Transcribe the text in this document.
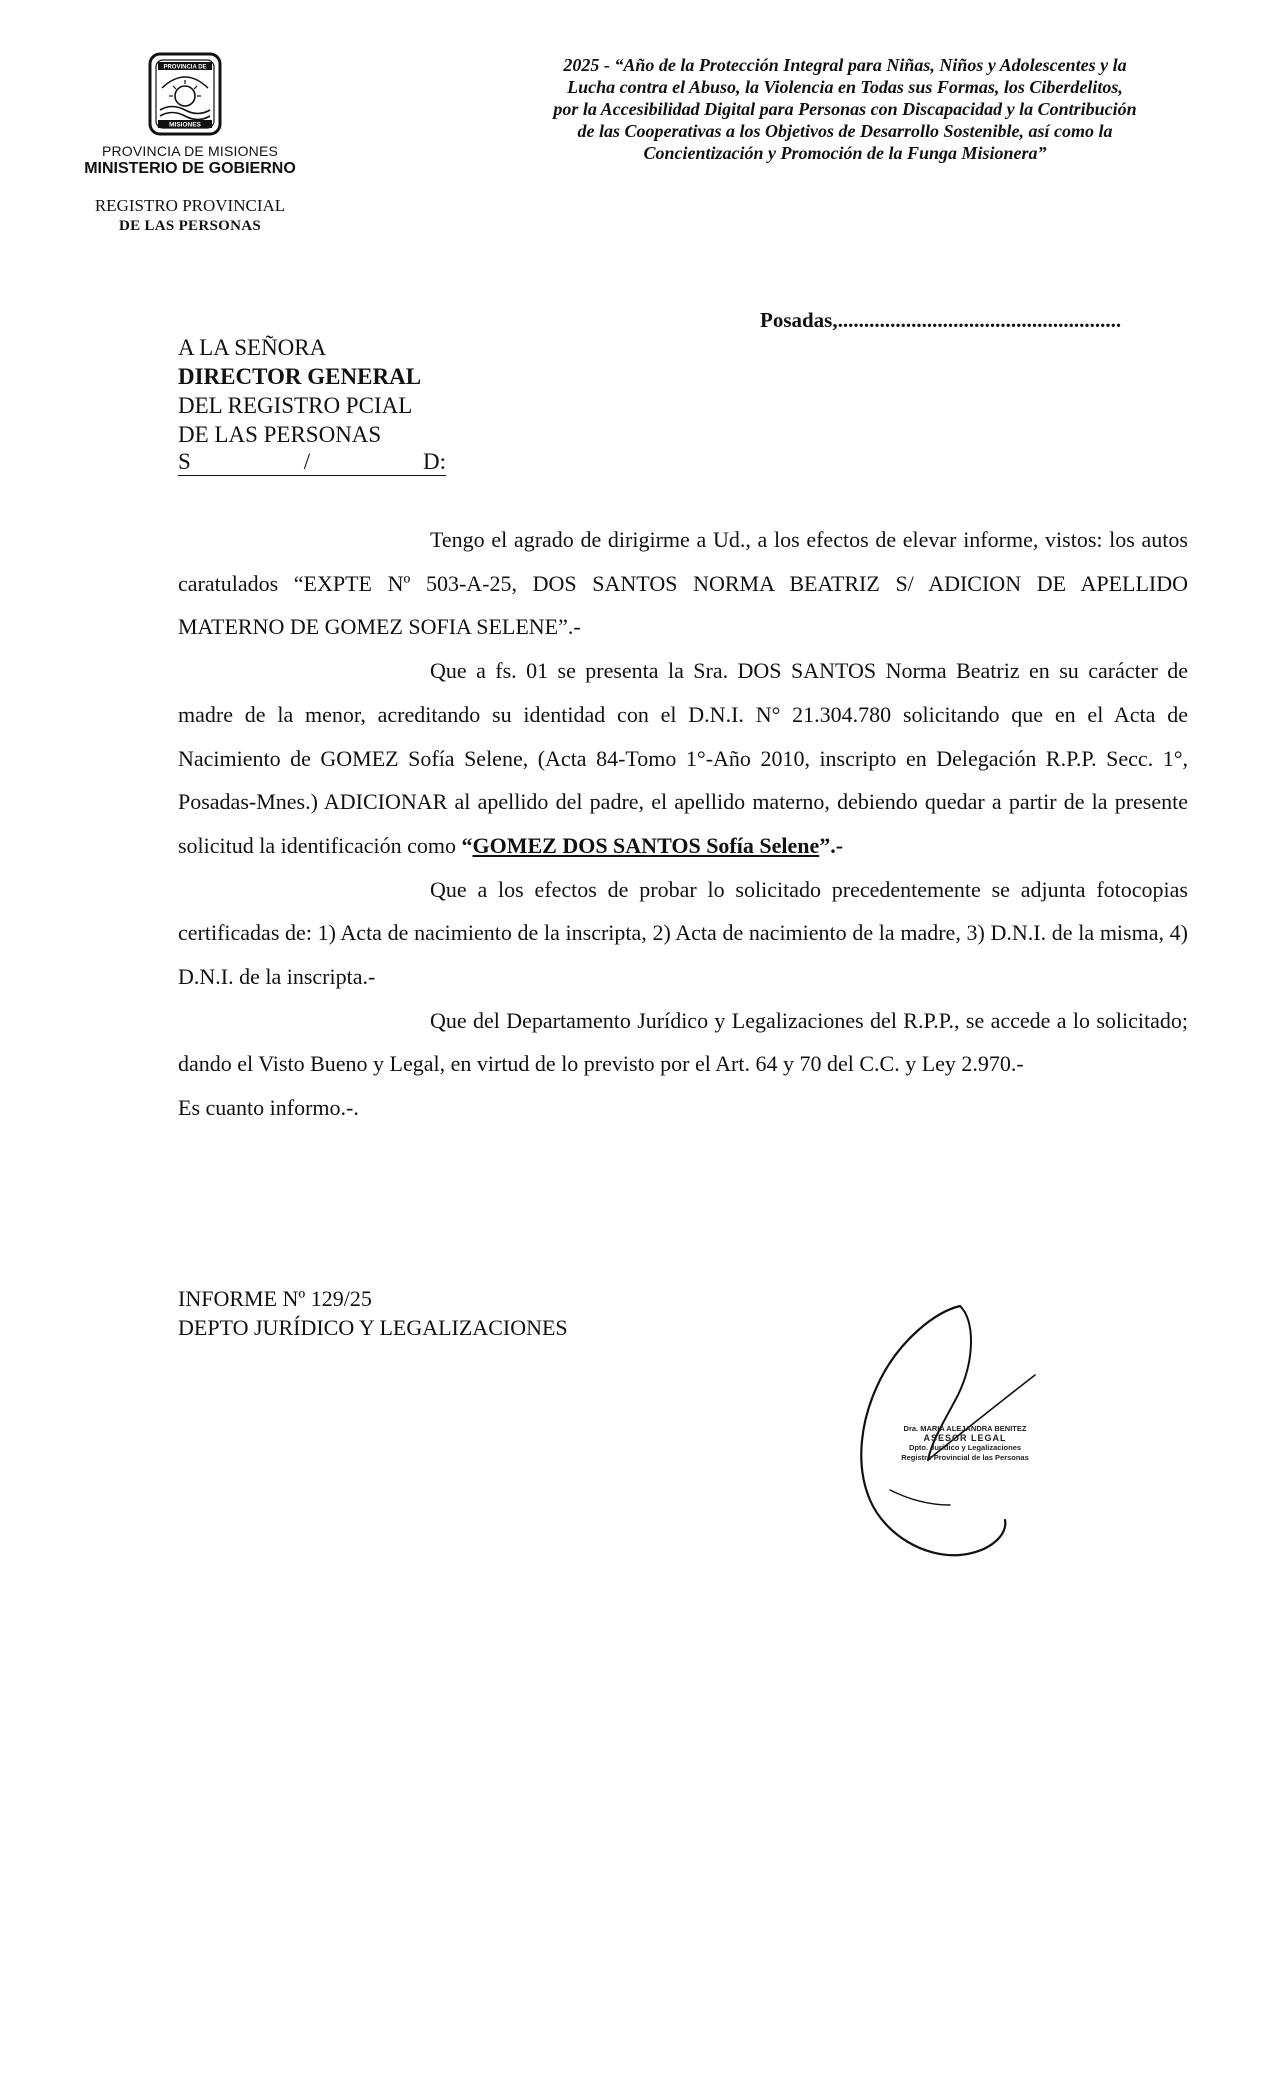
PROVINCIA DE
MISIONES
PROVINCIA DE MISIONES
MINISTERIO DE GOBIERNO
REGISTRO PROVINCIAL
DE LAS PERSONAS
2025 - “Año de la Protección Integral para Niñas, Niños y Adolescentes y la
Lucha contra el Abuso, la Violencia en Todas sus Formas, los Ciberdelitos,
por la Accesibilidad Digital para Personas con Discapacidad y la Contribución
de las Cooperativas a los Objetivos de Desarrollo Sostenible, así como la
Concientización y Promoción de la Funga Misionera”
Posadas,......................................................
A LA SEÑORA
DIRECTOR GENERAL
DEL REGISTRO PCIAL
DE LAS PERSONAS
S	/	D:

Tengo el agrado de dirigirme a Ud., a los efectos de elevar informe, vistos: los autos caratulados “EXPTE Nº 503-A-25, DOS SANTOS NORMA BEATRIZ S/ ADICION DE APELLIDO MATERNO DE GOMEZ SOFIA SELENE”.-

Que a fs. 01 se presenta la Sra. DOS SANTOS Norma Beatriz en su carácter de madre de la menor, acreditando su identidad con el D.N.I. N° 21.304.780 solicitando que en el Acta de Nacimiento de GOMEZ Sofía Selene, (Acta 84-Tomo 1°-Año 2010, inscripto en Delegación R.P.P. Secc. 1°, Posadas-Mnes.) ADICIONAR al apellido del padre, el apellido materno, debiendo quedar a partir de la presente solicitud la identificación como “GOMEZ DOS SANTOS Sofía Selene”.-

Que a los efectos de probar lo solicitado precedentemente se adjunta fotocopias certificadas de: 1) Acta de nacimiento de la inscripta, 2) Acta de nacimiento de la madre, 3) D.N.I. de la misma, 4) D.N.I. de la inscripta.-

Que del Departamento Jurídico y Legalizaciones del R.P.P., se accede a lo solicitado; dando el Visto Bueno y Legal, en virtud de lo previsto por el Art. 64 y 70 del C.C. y Ley 2.970.-

Es cuanto informo.-.

INFORME Nº 129/25
DEPTO JURÍDICO Y LEGALIZACIONES
Dra. MARIA ALEJANDRA BENITEZ
ASESOR LEGAL
Dpto. Jurídico y Legalizaciones
Registro Provincial de las Personas
